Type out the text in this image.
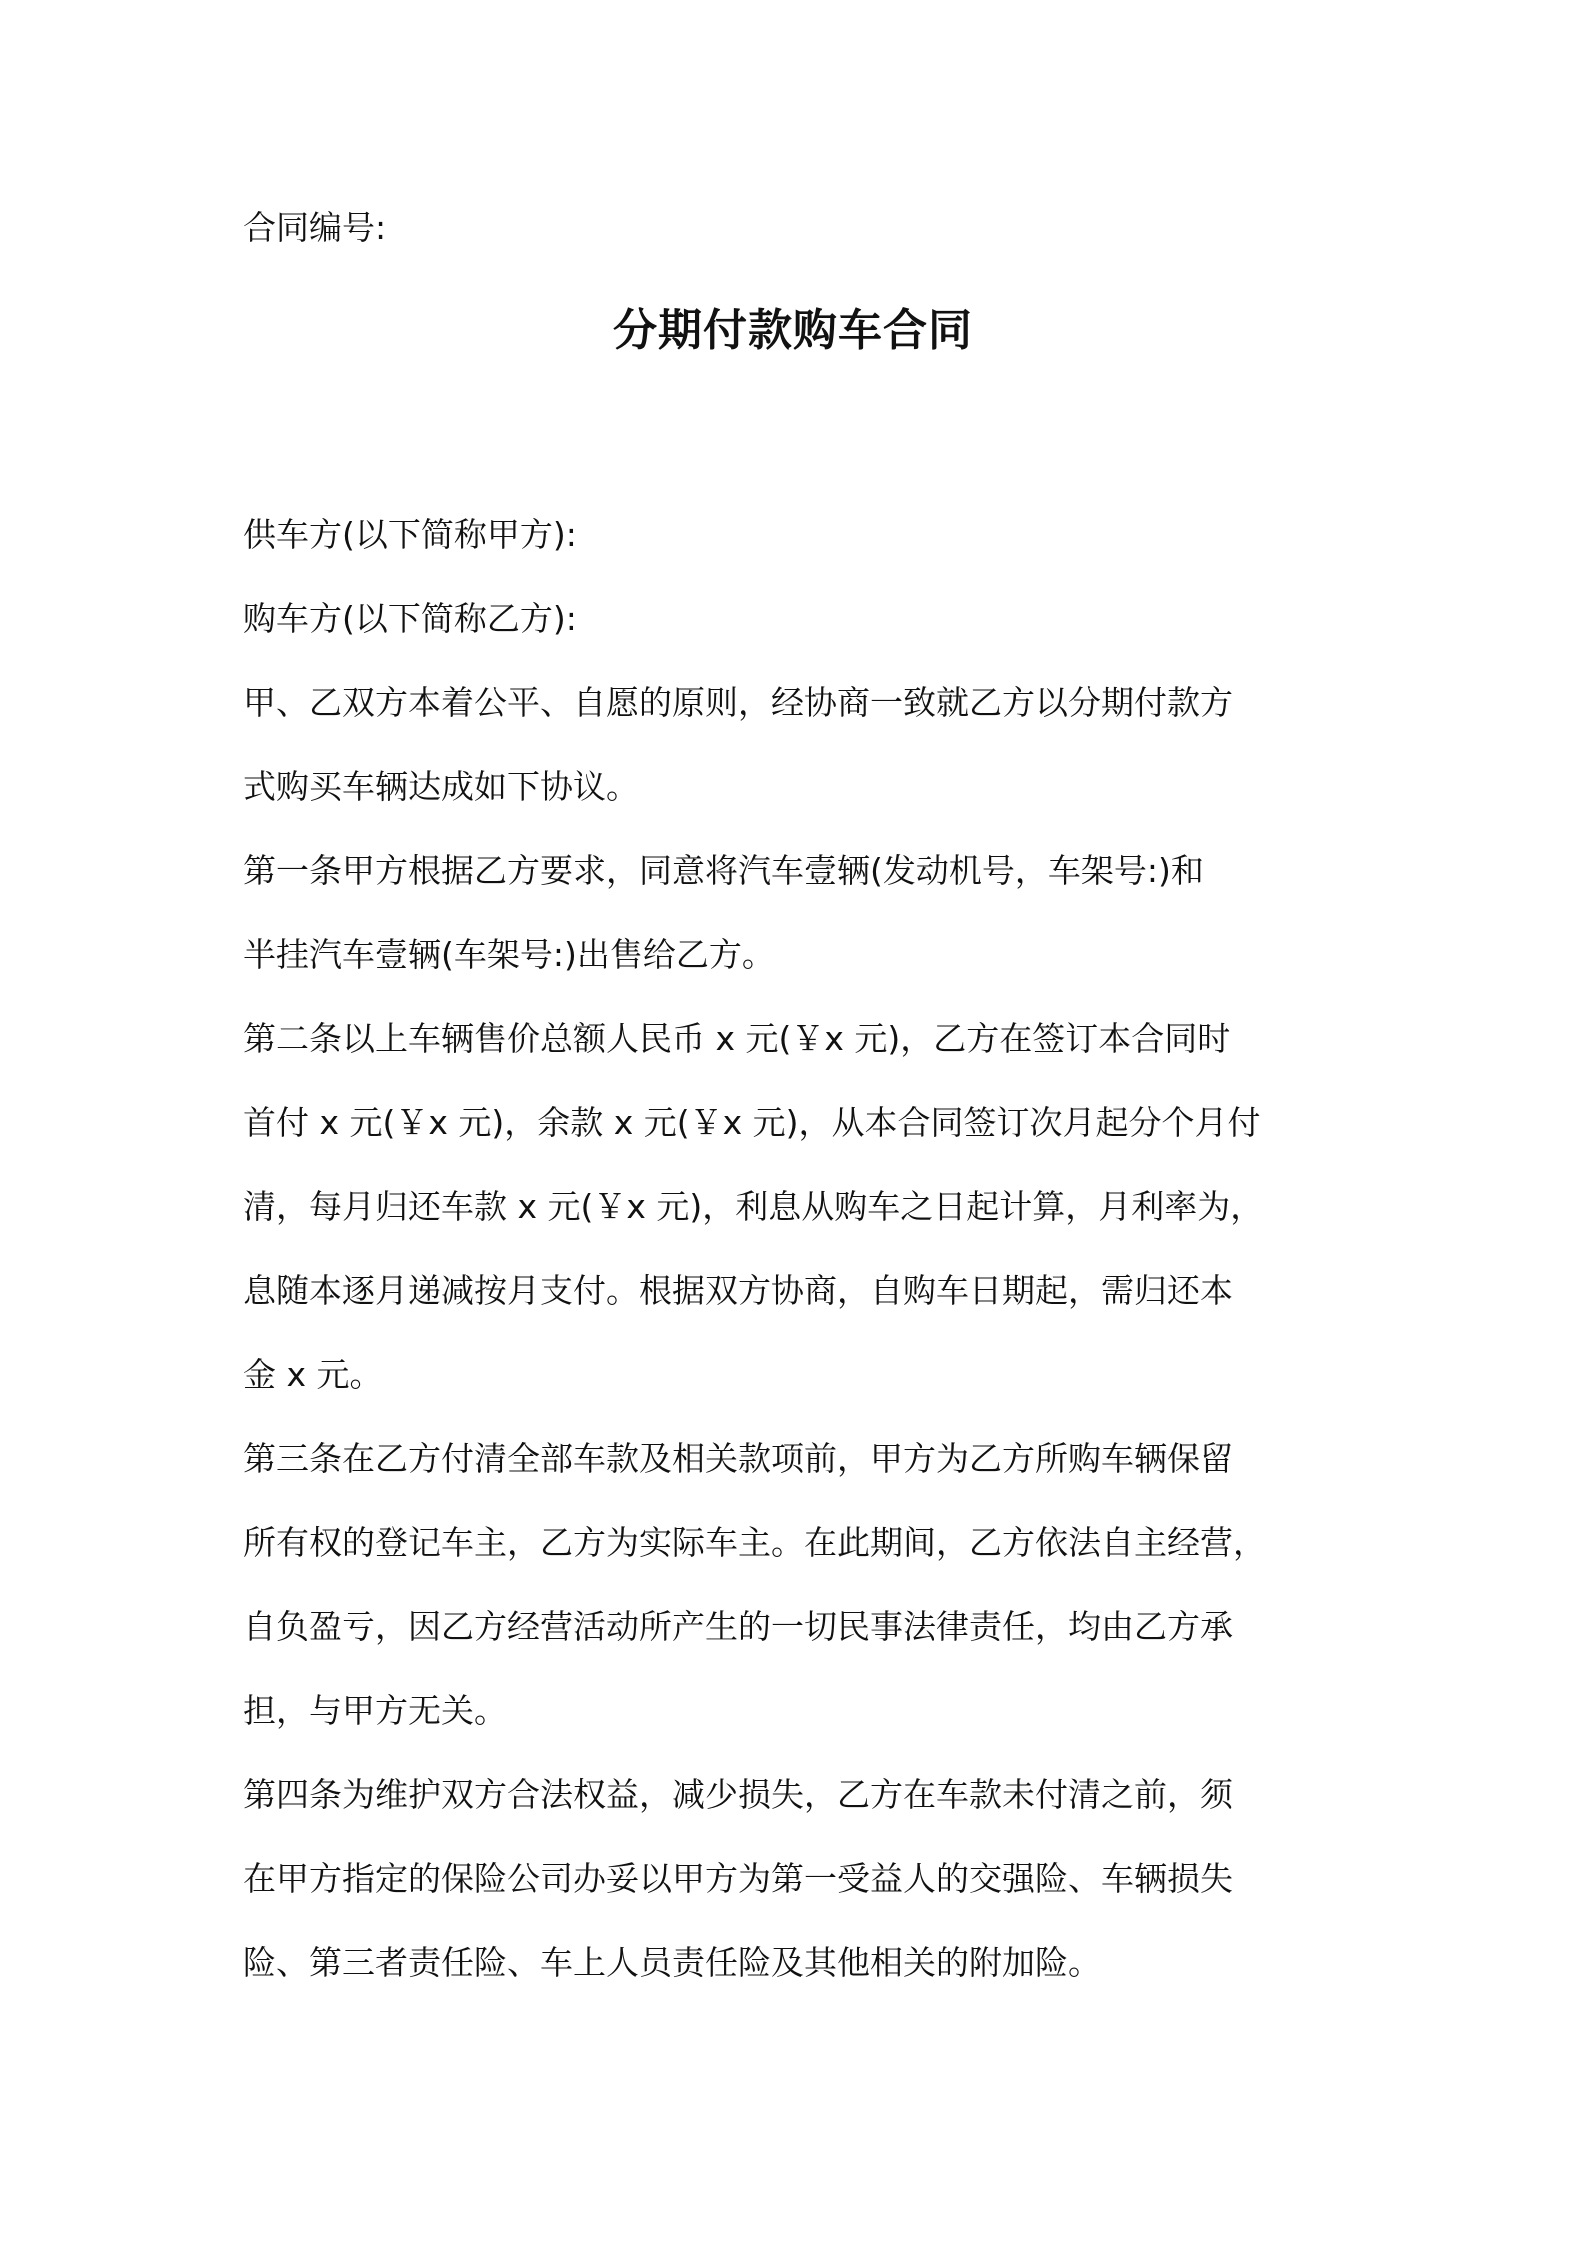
合同编号:

分期付款购车合同

供车方(以下简称甲方):

购车方(以下简称乙方):

甲、乙双方本着公平、自愿的原则，经协商一致就乙方以分期付款方

式购买车辆达成如下协议。

第一条甲方根据乙方要求，同意将汽车壹辆(发动机号，车架号:)和

半挂汽车壹辆(车架号:)出售给乙方。

第二条以上车辆售价总额人民币 x 元(￥x 元)，乙方在签订本合同时

首付 x 元(￥x 元)，余款 x 元(￥x 元)，从本合同签订次月起分个月付

清，每月归还车款 x 元(￥x 元)，利息从购车之日起计算，月利率为，

息随本逐月递减按月支付。根据双方协商，自购车日期起，需归还本

金 x 元。

第三条在乙方付清全部车款及相关款项前，甲方为乙方所购车辆保留

所有权的登记车主，乙方为实际车主。在此期间，乙方依法自主经营，

自负盈亏，因乙方经营活动所产生的一切民事法律责任，均由乙方承

担，与甲方无关。

第四条为维护双方合法权益，减少损失，乙方在车款未付清之前，须

在甲方指定的保险公司办妥以甲方为第一受益人的交强险、车辆损失

险、第三者责任险、车上人员责任险及其他相关的附加险。
